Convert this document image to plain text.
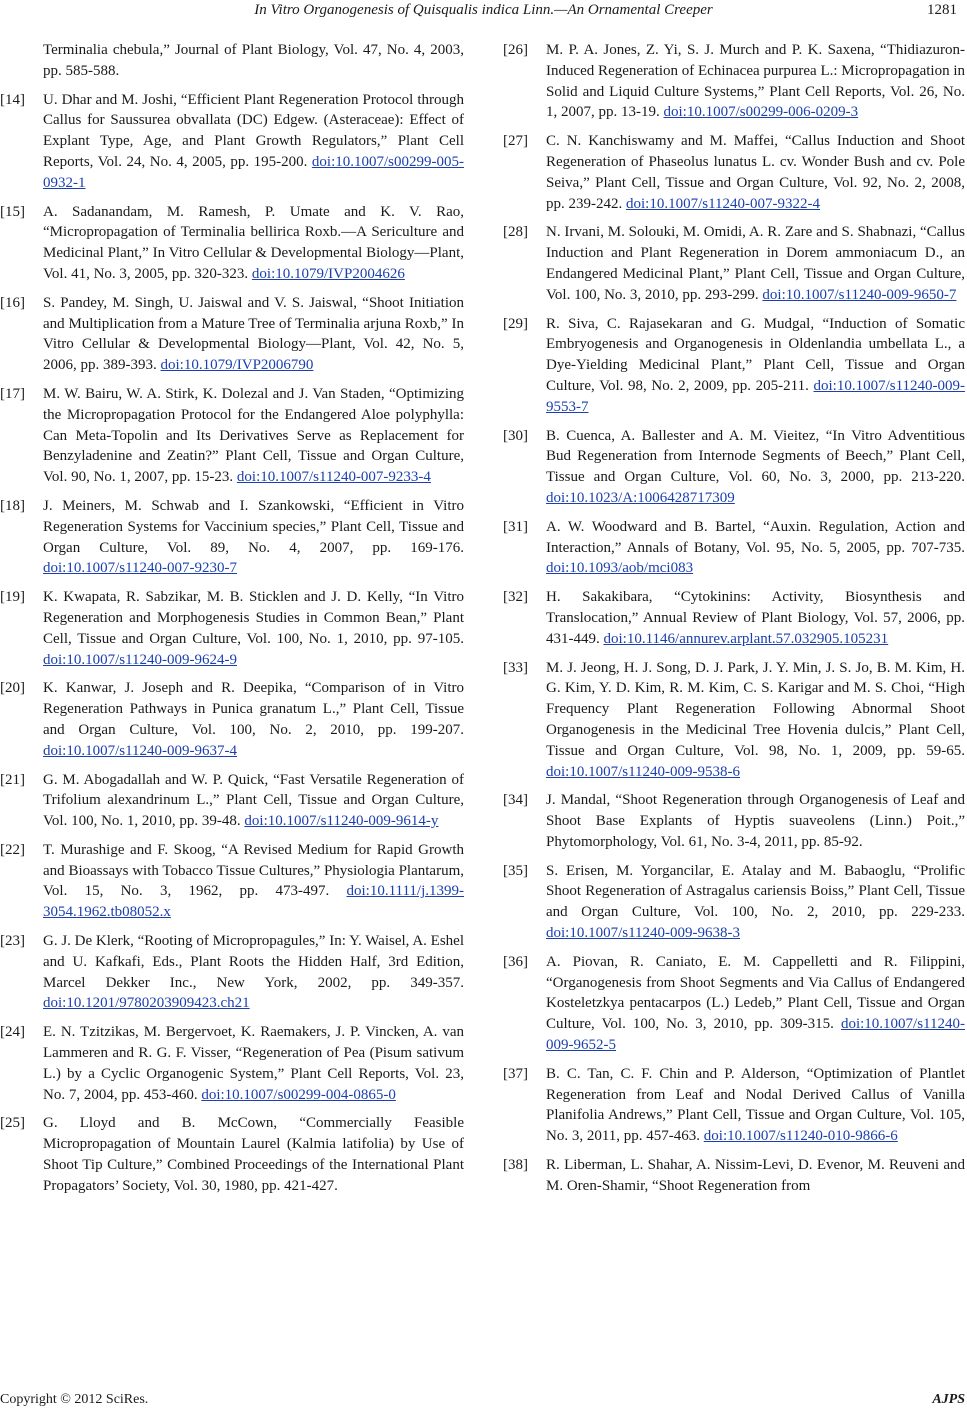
In Vitro Organogenesis of Quisqualis indica Linn.—An Ornamental Creeper	1281
Terminalia chebula,” Journal of Plant Biology, Vol. 47, No. 4, 2003, pp. 585-588.
[14] U. Dhar and M. Joshi, “Efficient Plant Regeneration Protocol through Callus for Saussurea obvallata (DC) Edgew. (Asteraceae): Effect of Explant Type, Age, and Plant Growth Regulators,” Plant Cell Reports, Vol. 24, No. 4, 2005, pp. 195-200. doi:10.1007/s00299-005-0932-1
[15] A. Sadanandam, M. Ramesh, P. Umate and K. V. Rao, “Micropropagation of Terminalia bellirica Roxb.—A Sericulture and Medicinal Plant,” In Vitro Cellular & Developmental Biology—Plant, Vol. 41, No. 3, 2005, pp. 320-323. doi:10.1079/IVP2004626
[16] S. Pandey, M. Singh, U. Jaiswal and V. S. Jaiswal, “Shoot Initiation and Multiplication from a Mature Tree of Terminalia arjuna Roxb,” In Vitro Cellular & Developmental Biology—Plant, Vol. 42, No. 5, 2006, pp. 389-393. doi:10.1079/IVP2006790
[17] M. W. Bairu, W. A. Stirk, K. Dolezal and J. Van Staden, “Optimizing the Micropropagation Protocol for the Endangered Aloe polyphylla: Can Meta-Topolin and Its Derivatives Serve as Replacement for Benzyladenine and Zeatin?” Plant Cell, Tissue and Organ Culture, Vol. 90, No. 1, 2007, pp. 15-23. doi:10.1007/s11240-007-9233-4
[18] J. Meiners, M. Schwab and I. Szankowski, “Efficient in Vitro Regeneration Systems for Vaccinium species,” Plant Cell, Tissue and Organ Culture, Vol. 89, No. 4, 2007, pp. 169-176. doi:10.1007/s11240-007-9230-7
[19] K. Kwapata, R. Sabzikar, M. B. Sticklen and J. D. Kelly, “In Vitro Regeneration and Morphogenesis Studies in Common Bean,” Plant Cell, Tissue and Organ Culture, Vol. 100, No. 1, 2010, pp. 97-105. doi:10.1007/s11240-009-9624-9
[20] K. Kanwar, J. Joseph and R. Deepika, “Comparison of in Vitro Regeneration Pathways in Punica granatum L.,” Plant Cell, Tissue and Organ Culture, Vol. 100, No. 2, 2010, pp. 199-207. doi:10.1007/s11240-009-9637-4
[21] G. M. Abogadallah and W. P. Quick, “Fast Versatile Regeneration of Trifolium alexandrinum L.,” Plant Cell, Tissue and Organ Culture, Vol. 100, No. 1, 2010, pp. 39-48. doi:10.1007/s11240-009-9614-y
[22] T. Murashige and F. Skoog, “A Revised Medium for Rapid Growth and Bioassays with Tobacco Tissue Cultures,” Physiologia Plantarum, Vol. 15, No. 3, 1962, pp. 473-497. doi:10.1111/j.1399-3054.1962.tb08052.x
[23] G. J. De Klerk, “Rooting of Micropropagules,” In: Y. Waisel, A. Eshel and U. Kafkafi, Eds., Plant Roots the Hidden Half, 3rd Edition, Marcel Dekker Inc., New York, 2002, pp. 349-357. doi:10.1201/9780203909423.ch21
[24] E. N. Tzitzikas, M. Bergervoet, K. Raemakers, J. P. Vincken, A. van Lammeren and R. G. F. Visser, “Regeneration of Pea (Pisum sativum L.) by a Cyclic Organogenic System,” Plant Cell Reports, Vol. 23, No. 7, 2004, pp. 453-460. doi:10.1007/s00299-004-0865-0
[25] G. Lloyd and B. McCown, “Commercially Feasible Micropropagation of Mountain Laurel (Kalmia latifolia) by Use of Shoot Tip Culture,” Combined Proceedings of the International Plant Propagators’ Society, Vol. 30, 1980, pp. 421-427.
[26] M. P. A. Jones, Z. Yi, S. J. Murch and P. K. Saxena, “Thidiazuron-Induced Regeneration of Echinacea purpurea L.: Micropropagation in Solid and Liquid Culture Systems,” Plant Cell Reports, Vol. 26, No. 1, 2007, pp. 13-19. doi:10.1007/s00299-006-0209-3
[27] C. N. Kanchiswamy and M. Maffei, “Callus Induction and Shoot Regeneration of Phaseolus lunatus L. cv. Wonder Bush and cv. Pole Seiva,” Plant Cell, Tissue and Organ Culture, Vol. 92, No. 2, 2008, pp. 239-242. doi:10.1007/s11240-007-9322-4
[28] N. Irvani, M. Solouki, M. Omidi, A. R. Zare and S. Shabnazi, “Callus Induction and Plant Regeneration in Dorem ammoniacum D., an Endangered Medicinal Plant,” Plant Cell, Tissue and Organ Culture, Vol. 100, No. 3, 2010, pp. 293-299. doi:10.1007/s11240-009-9650-7
[29] R. Siva, C. Rajasekaran and G. Mudgal, “Induction of Somatic Embryogenesis and Organogenesis in Oldenlandia umbellata L., a Dye-Yielding Medicinal Plant,” Plant Cell, Tissue and Organ Culture, Vol. 98, No. 2, 2009, pp. 205-211. doi:10.1007/s11240-009-9553-7
[30] B. Cuenca, A. Ballester and A. M. Vieitez, “In Vitro Adventitious Bud Regeneration from Internode Segments of Beech,” Plant Cell, Tissue and Organ Culture, Vol. 60, No. 3, 2000, pp. 213-220. doi:10.1023/A:1006428717309
[31] A. W. Woodward and B. Bartel, “Auxin. Regulation, Action and Interaction,” Annals of Botany, Vol. 95, No. 5, 2005, pp. 707-735. doi:10.1093/aob/mci083
[32] H. Sakakibara, “Cytokinins: Activity, Biosynthesis and Translocation,” Annual Review of Plant Biology, Vol. 57, 2006, pp. 431-449. doi:10.1146/annurev.arplant.57.032905.105231
[33] M. J. Jeong, H. J. Song, D. J. Park, J. Y. Min, J. S. Jo, B. M. Kim, H. G. Kim, Y. D. Kim, R. M. Kim, C. S. Karigar and M. S. Choi, “High Frequency Plant Regeneration Following Abnormal Shoot Organogenesis in the Medicinal Tree Hovenia dulcis,” Plant Cell, Tissue and Organ Culture, Vol. 98, No. 1, 2009, pp. 59-65. doi:10.1007/s11240-009-9538-6
[34] J. Mandal, “Shoot Regeneration through Organogenesis of Leaf and Shoot Base Explants of Hyptis suaveolens (Linn.) Poit.,” Phytomorphology, Vol. 61, No. 3-4, 2011, pp. 85-92.
[35] S. Erisen, M. Yorgancilar, E. Atalay and M. Babaoglu, “Prolific Shoot Regeneration of Astragalus cariensis Boiss,” Plant Cell, Tissue and Organ Culture, Vol. 100, No. 2, 2010, pp. 229-233. doi:10.1007/s11240-009-9638-3
[36] A. Piovan, R. Caniato, E. M. Cappelletti and R. Filippini, “Organogenesis from Shoot Segments and Via Callus of Endangered Kosteletzkya pentacarpos (L.) Ledeb,” Plant Cell, Tissue and Organ Culture, Vol. 100, No. 3, 2010, pp. 309-315. doi:10.1007/s11240-009-9652-5
[37] B. C. Tan, C. F. Chin and P. Alderson, “Optimization of Plantlet Regeneration from Leaf and Nodal Derived Callus of Vanilla Planifolia Andrews,” Plant Cell, Tissue and Organ Culture, Vol. 105, No. 3, 2011, pp. 457-463. doi:10.1007/s11240-010-9866-6
[38] R. Liberman, L. Shahar, A. Nissim-Levi, D. Evenor, M. Reuveni and M. Oren-Shamir, “Shoot Regeneration from
Copyright © 2012 SciRes.	AJPS
